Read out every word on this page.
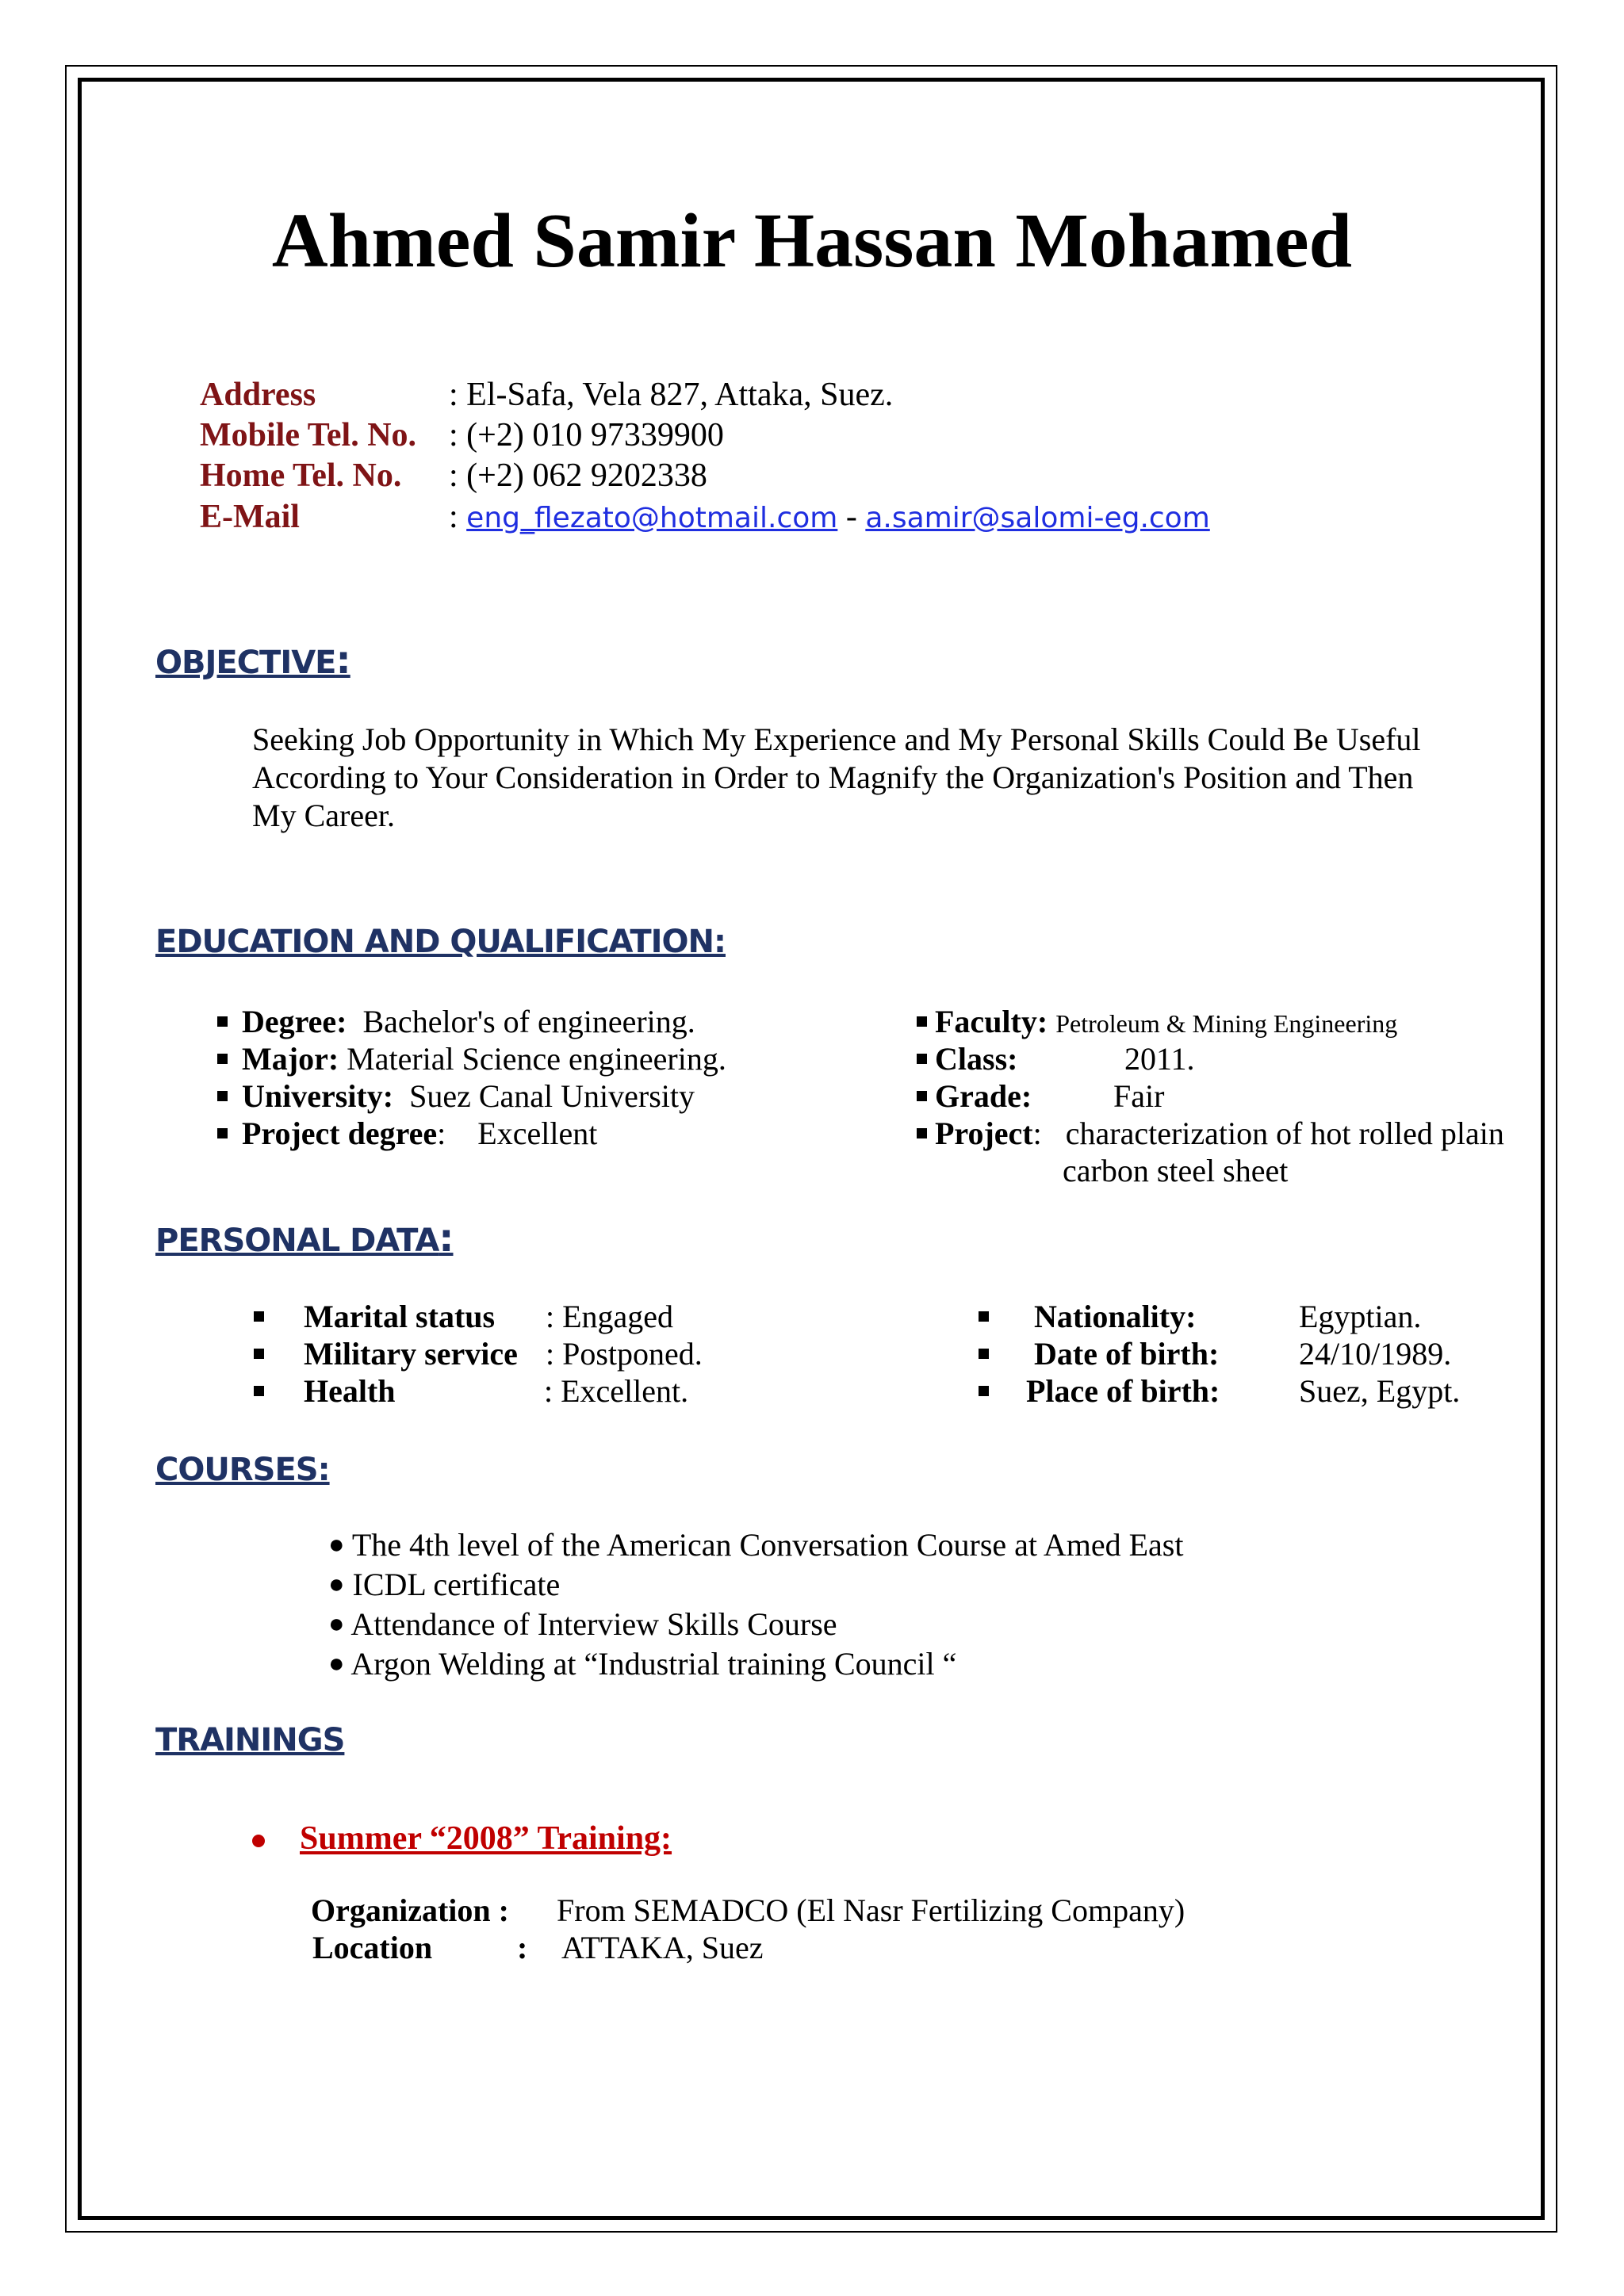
Ahmed Samir Hassan Mohamed
Address	: El-Safa, Vela 827, Attaka, Suez.
Mobile Tel. No. : (+2) 010 97339900
Home Tel. No. : (+2) 062 9202338
E-Mail	: eng_flezato@hotmail.com - a.samir@salomi-eg.com
OBJECTIVE:
Seeking Job Opportunity in Which My Experience and My Personal Skills Could Be Useful
According to Your Consideration in Order to Magnify the Organization's Position and Then
My Career.
EDUCATION AND QUALIFICATION:
Degree: Bachelor's of engineering.
Major: Material Science engineering.
University: Suez Canal University
Project degree:    Excellent
Faculty: Petroleum & Mining Engineering
Class:	2011.
Grade:	Fair
Project:   characterization of hot rolled plain
carbon steel sheet
PERSONAL DATA:
Marital status : Engaged
Military service : Postponed.
Health	: Excellent.
Nationality:	Egyptian.
Date of birth:	24/10/1989.
Place of birth: Suez, Egypt.
COURSES:
● The 4th level of the American Conversation Course at Amed East
● ICDL certificate
● Attendance of Interview Skills Course
● Argon Welding at “Industrial training Council “
TRAININGS
Summer “2008” Training:
Organization : From SEMADCO (El Nasr Fertilizing Company)
Location	: ATTAKA, Suez
